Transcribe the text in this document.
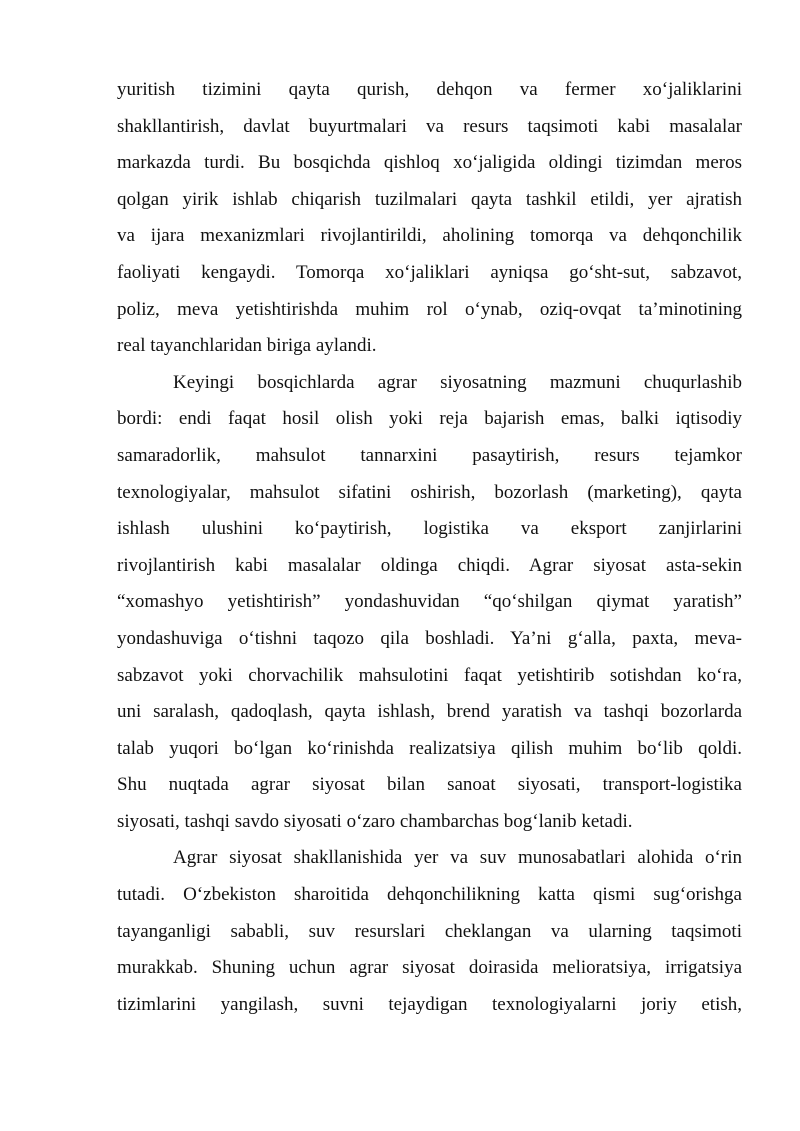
yuritish tizimini qayta qurish, dehqon va fermer xo‘jaliklarini
shakllantirish, davlat buyurtmalari va resurs taqsimoti kabi masalalar
markazda turdi. Bu bosqichda qishloq xo‘jaligida oldingi tizimdan meros
qolgan yirik ishlab chiqarish tuzilmalari qayta tashkil etildi, yer ajratish
va ijara mexanizmlari rivojlantirildi, aholining tomorqa va dehqonchilik
faoliyati kengaydi. Tomorqa xo‘jaliklari ayniqsa go‘sht-sut, sabzavot,
poliz, meva yetishtirishda muhim rol o‘ynab, oziq-ovqat ta’minotining
real tayanchlaridan biriga aylandi.
Keyingi bosqichlarda agrar siyosatning mazmuni chuqurlashib
bordi: endi faqat hosil olish yoki reja bajarish emas, balki iqtisodiy
samaradorlik, mahsulot tannarxini pasaytirish, resurs tejamkor
texnologiyalar, mahsulot sifatini oshirish, bozorlash (marketing), qayta
ishlash ulushini ko‘paytirish, logistika va eksport zanjirlarini
rivojlantirish kabi masalalar oldinga chiqdi. Agrar siyosat asta-sekin
“xomashyo yetishtirish” yondashuvidan “qo‘shilgan qiymat yaratish”
yondashuviga o‘tishni taqozo qila boshladi. Ya’ni g‘alla, paxta, meva-
sabzavot yoki chorvachilik mahsulotini faqat yetishtirib sotishdan ko‘ra,
uni saralash, qadoqlash, qayta ishlash, brend yaratish va tashqi bozorlarda
talab yuqori bo‘lgan ko‘rinishda realizatsiya qilish muhim bo‘lib qoldi.
Shu nuqtada agrar siyosat bilan sanoat siyosati, transport-logistika
siyosati, tashqi savdo siyosati o‘zaro chambarchas bog‘lanib ketadi.
Agrar siyosat shakllanishida yer va suv munosabatlari alohida o‘rin
tutadi. O‘zbekiston sharoitida dehqonchilikning katta qismi sug‘orishga
tayanganligi sababli, suv resurslari cheklangan va ularning taqsimoti
murakkab. Shuning uchun agrar siyosat doirasida melioratsiya, irrigatsiya
tizimlarini yangilash, suvni tejaydigan texnologiyalarni joriy etish,
